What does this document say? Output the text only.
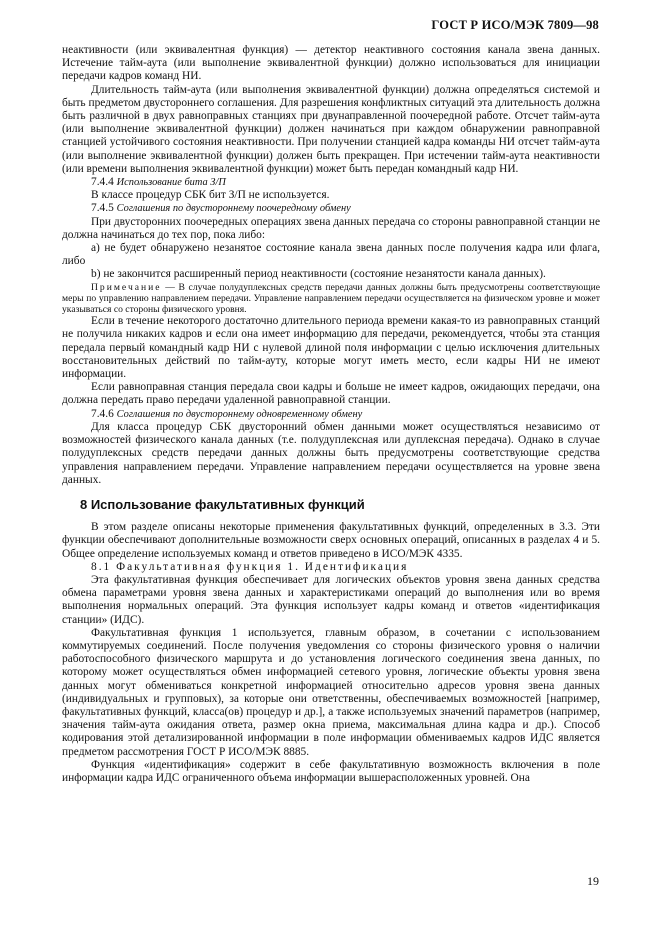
ГОСТ Р ИСО/МЭК 7809—98

неактивности (или эквивалентная функция) — детектор неактивного состояния канала звена данных. Истечение тайм-аута (или выполнение эквивалентной функции) должно использоваться для инициации передачи кадров команд НИ.

Длительность тайм-аута (или выполнения эквивалентной функции) должна определяться системой и быть предметом двустороннего соглашения. Для разрешения конфликтных ситуаций эта длительность должна быть различной в двух равноправных станциях при двунаправленной поочередной работе. Отсчет тайм-аута (или выполнение эквивалентной функции) должен начинаться при каждом обнаружении равноправной станцией устойчивого состояния неактивности. При получении станцией кадра команды НИ отсчет тайм-аута (или выполнение эквивалентной функции) должен быть прекращен. При истечении тайм-аута неактивности (или времени выполнения эквивалентной функции) может быть передан командный кадр НИ.

7.4.4 Использование бита З/П

В классе процедур СБК бит З/П не используется.

7.4.5 Соглашения по двустороннему поочередному обмену

При двусторонних поочередных операциях звена данных передача со стороны равноправной станции не должна начинаться до тех пор, пока либо:

а) не будет обнаружено незанятое состояние канала звена данных после получения кадра или флага, либо

b) не закончится расширенный период неактивности (состояние незанятости канала данных).

Примечание — В случае полудуплексных средств передачи данных должны быть предусмотрены соответствующие меры по управлению направлением передачи. Управление направлением передачи осуществляется на физическом уровне и может указываться со стороны физического уровня.

Если в течение некоторого достаточно длительного периода времени какая-то из равноправных станций не получила никаких кадров и если она имеет информацию для передачи, рекомендуется, чтобы эта станция передала первый командный кадр НИ с нулевой длиной поля информации с целью исключения длительных восстановительных действий по тайм-ауту, которые могут иметь место, если кадры НИ не имеют информации.

Если равноправная станция передала свои кадры и больше не имеет кадров, ожидающих передачи, она должна передать право передачи удаленной равноправной станции.

7.4.6 Соглашения по двустороннему одновременному обмену

Для класса процедур СБК двусторонний обмен данными может осуществляться независимо от возможностей физического канала данных (т.е. полудуплексная или дуплексная передача). Однако в случае полудуплексных средств передачи данных должны быть предусмотрены соответствующие средства управления направлением передачи. Управление направлением передачи осуществляется на уровне звена данных.

8 Использование факультативных функций

В этом разделе описаны некоторые применения факультативных функций, определенных в 3.3. Эти функции обеспечивают дополнительные возможности сверх основных операций, описанных в разделах 4 и 5. Общее определение используемых команд и ответов приведено в ИСО/МЭК 4335.

8.1 Факультативная функция 1. Идентификация

Эта факультативная функция обеспечивает для логических объектов уровня звена данных средства обмена параметрами уровня звена данных и характеристиками операций до выполнения или во время выполнения нормальных операций. Эта функция использует кадры команд и ответов «идентификация станции» (ИДС).

Факультативная функция 1 используется, главным образом, в сочетании с использованием коммутируемых соединений. После получения уведомления со стороны физического уровня о наличии работоспособного физического маршрута и до установления логического соединения звена данных, по которому может осуществляться обмен информацией сетевого уровня, логические объекты уровня звена данных могут обмениваться конкретной информацией относительно адресов уровня звена данных (индивидуальных и групповых), за которые они ответственны, обеспечиваемых возможностей [например, факультативных функций, класса(ов) процедур и др.], а также используемых значений параметров (например, значения тайм-аута ожидания ответа, размер окна приема, максимальная длина кадра и др.). Способ кодирования этой детализированной информации в поле информации обмениваемых кадров ИДС является предметом рассмотрения ГОСТ Р ИСО/МЭК 8885.

Функция «идентификация» содержит в себе факультативную возможность включения в поле информации кадра ИДС ограниченного объема информации вышерасположенных уровней. Она

19
